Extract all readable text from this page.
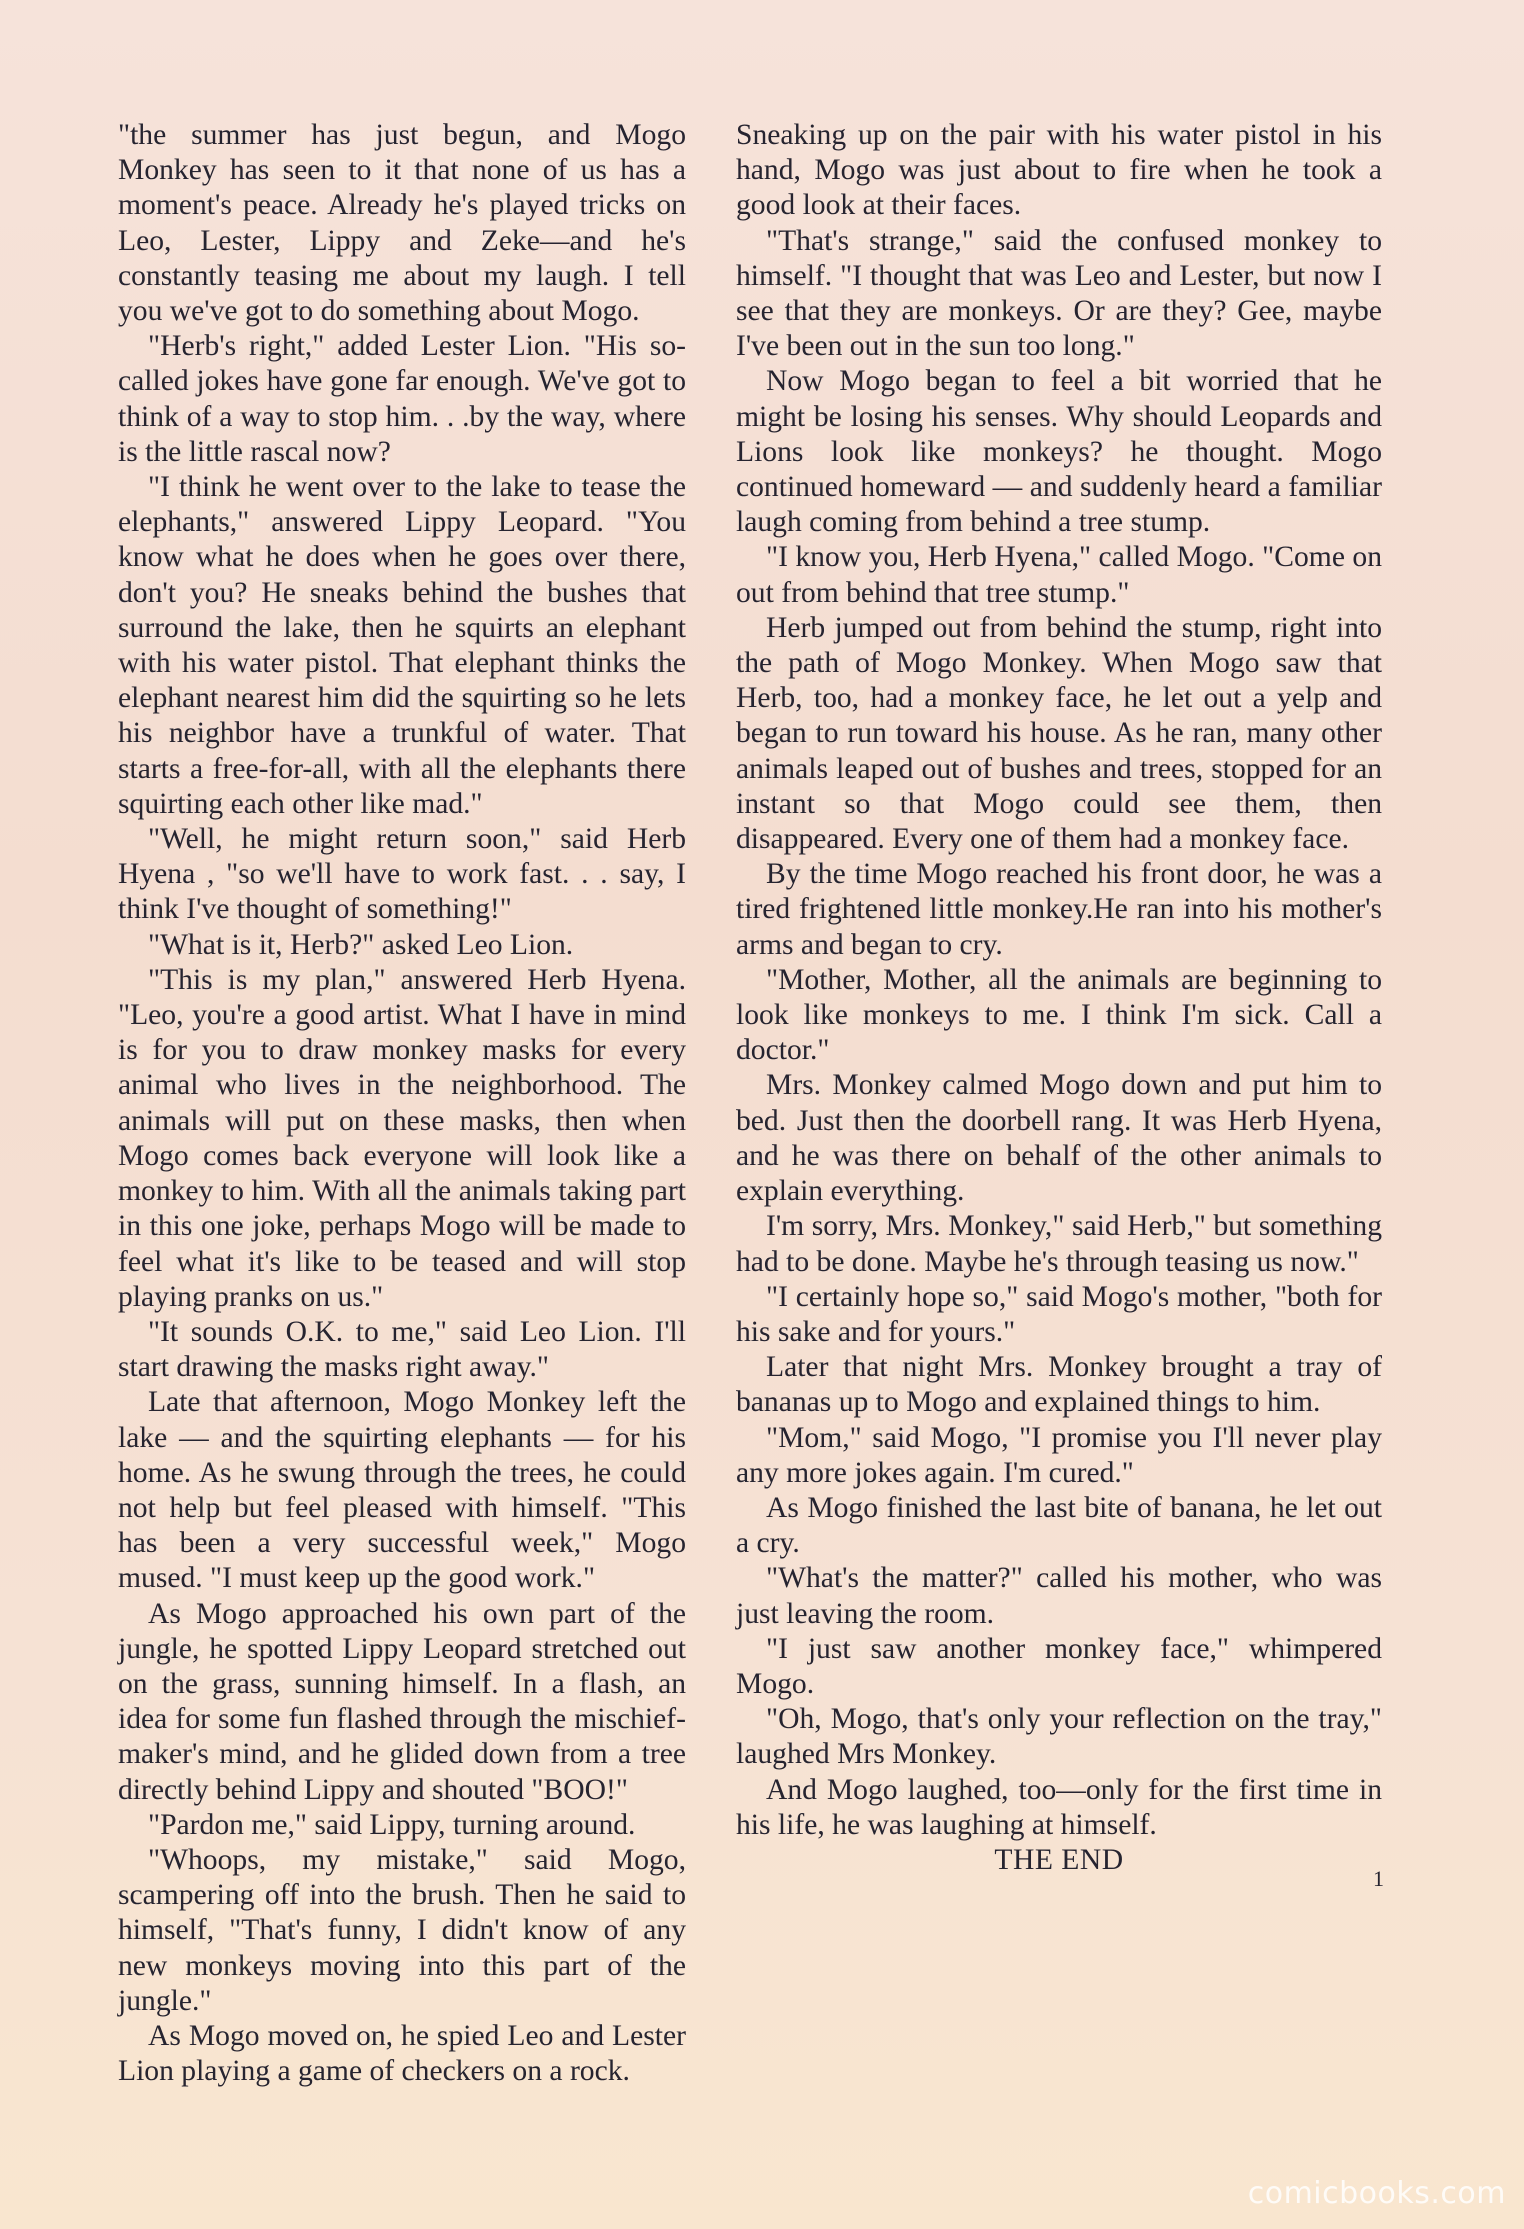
"the summer has just begun, and Mogo Monkey has seen to it that none of us has a moment's peace. Already he's played tricks on Leo, Lester, Lippy and Zeke—and he's constantly teasing me about my laugh. I tell you we've got to do something about Mogo.

"Herb's right," added Lester Lion. "His so-called jokes have gone far enough. We've got to think of a way to stop him. . .by the way, where is the little rascal now?

"I think he went over to the lake to tease the elephants," answered Lippy Leopard. "You know what he does when he goes over there, don't you? He sneaks behind the bushes that surround the lake, then he squirts an elephant with his water pistol. That elephant thinks the elephant nearest him did the squirting so he lets his neighbor have a trunkful of water. That starts a free-for-all, with all the elephants there squirting each other like mad."

"Well, he might return soon," said Herb Hyena , "so we'll have to work fast. . . say, I think I've thought of something!"

"What is it, Herb?" asked Leo Lion.

"This is my plan," answered Herb Hyena. "Leo, you're a good artist. What I have in mind is for you to draw monkey masks for every animal who lives in the neighborhood. The animals will put on these masks, then when Mogo comes back everyone will look like a monkey to him. With all the animals taking part in this one joke, perhaps Mogo will be made to feel what it's like to be teased and will stop playing pranks on us."

"It sounds O.K. to me," said Leo Lion. I'll start drawing the masks right away."

Late that afternoon, Mogo Monkey left the lake — and the squirting elephants — for his home. As he swung through the trees, he could not help but feel pleased with himself. "This has been a very successful week," Mogo mused. "I must keep up the good work."

As Mogo approached his own part of the jungle, he spotted Lippy Leopard stretched out on the grass, sunning himself. In a flash, an idea for some fun flashed through the mischief-maker's mind, and he glided down from a tree directly behind Lippy and shouted "BOO!"

"Pardon me," said Lippy, turning around.

"Whoops, my mistake," said Mogo, scampering off into the brush. Then he said to himself, "That's funny, I didn't know of any new monkeys moving into this part of the jungle."

As Mogo moved on, he spied Leo and Lester Lion playing a game of checkers on a rock.

Sneaking up on the pair with his water pistol in his hand, Mogo was just about to fire when he took a good look at their faces.

"That's strange," said the confused monkey to himself. "I thought that was Leo and Lester, but now I see that they are monkeys. Or are they? Gee, maybe I've been out in the sun too long."

Now Mogo began to feel a bit worried that he might be losing his senses. Why should Leopards and Lions look like monkeys? he thought. Mogo continued homeward — and suddenly heard a familiar laugh coming from behind a tree stump.

"I know you, Herb Hyena," called Mogo. "Come on out from behind that tree stump."

Herb jumped out from behind the stump, right into the path of Mogo Monkey. When Mogo saw that Herb, too, had a monkey face, he let out a yelp and began to run toward his house. As he ran, many other animals leaped out of bushes and trees, stopped for an instant so that Mogo could see them, then disappeared. Every one of them had a monkey face.

By the time Mogo reached his front door, he was a tired frightened little monkey.He ran into his mother's arms and began to cry.

"Mother, Mother, all the animals are beginning to look like monkeys to me. I think I'm sick. Call a doctor."

Mrs. Monkey calmed Mogo down and put him to bed. Just then the doorbell rang. It was Herb Hyena, and he was there on behalf of the other animals to explain everything.

I'm sorry, Mrs. Monkey," said Herb," but something had to be done. Maybe he's through teasing us now."

"I certainly hope so," said Mogo's mother, "both for his sake and for yours."

Later that night Mrs. Monkey brought a tray of bananas up to Mogo and explained things to him.

"Mom," said Mogo, "I promise you I'll never play any more jokes again. I'm cured."

As Mogo finished the last bite of banana, he let out a cry.

"What's the matter?" called his mother, who was just leaving the room.

"I just saw another monkey face," whimpered Mogo.

"Oh, Mogo, that's only your reflection on the tray," laughed Mrs Monkey.

And Mogo laughed, too—only for the first time in his life, he was laughing at himself.

THE END
1
comicbooks.com
